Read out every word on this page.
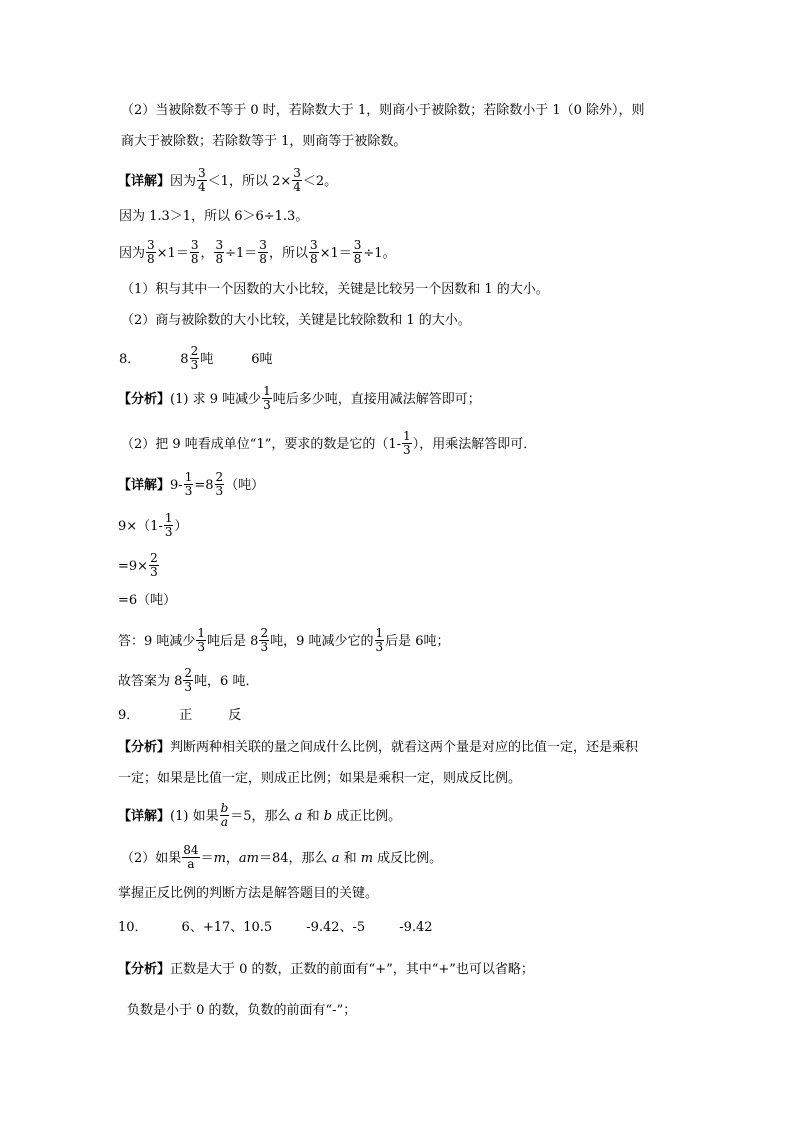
（2）当被除数不等于 0 时，若除数大于 1，则商小于被除数；若除数小于 1（0 除外），则
商大于被除数；若除数等于 1，则商等于被除数。
【详解】因为 $\frac{3}{4} <1$，所以 $2\times \frac{3}{4} <2$。
因为 1.3＞1，所以 6＞6÷1.3。
因为 $\frac{3}{8} \times 1= \frac{3}{8}$ ， $\frac{3}{8} \div 1= \frac{3}{8}$ ，所以 $\frac{3}{8} \times 1= \frac{3}{8} \div 1$。
（1）积与其中一个因数的大小比较，关键是比较另一个因数和 1 的大小。
（2）商与被除数的大小比较，关键是比较除数和 1 的大小。
8．	$8 \frac{2}{3}$ 吨	6吨
【分析】(1) 求 9 吨减少 $\frac{1}{3}$ 吨后多少吨，直接用减法解答即可；
（2）把 9 吨看成单位“1”，要求的数是它的（$1- \frac{1}{3}$ ），用乘法解答即可．
【详解】$9- \frac{1}{3} =8 \frac{2}{3}$ （吨）
$9\times(1- \frac{1}{3}$ ）
$=9\times \frac{2}{3}$
=6（吨）
答：9 吨减少 $\frac{1}{3}$ 吨后是 $8 \frac{2}{3}$ 吨，9 吨减少它的 $\frac{1}{3}$ 后是 6吨；
故答案为 $8 \frac{2}{3}$ 吨，6 吨．
9．	正	反
【分析】判断两种相关联的量之间成什么比例，就看这两个量是对应的比值一定，还是乘积
一定；如果是比值一定，则成正比例；如果是乘积一定，则成反比例。
【详解】(1) 如果 $\frac{b}{a} =5$，那么 a 和 b 成正比例。
（2）如果 $\frac{84}{a} =m$，am＝84，那么 a 和 m 成反比例。
掌握正反比例的判断方法是解答题目的关键。
10．	6、+17、10.5	-9.42、-5	-9.42
【分析】正数是大于 0 的数，正数的前面有“+”，其中“+”也可以省略；
负数是小于 0 的数，负数的前面有“-”；
